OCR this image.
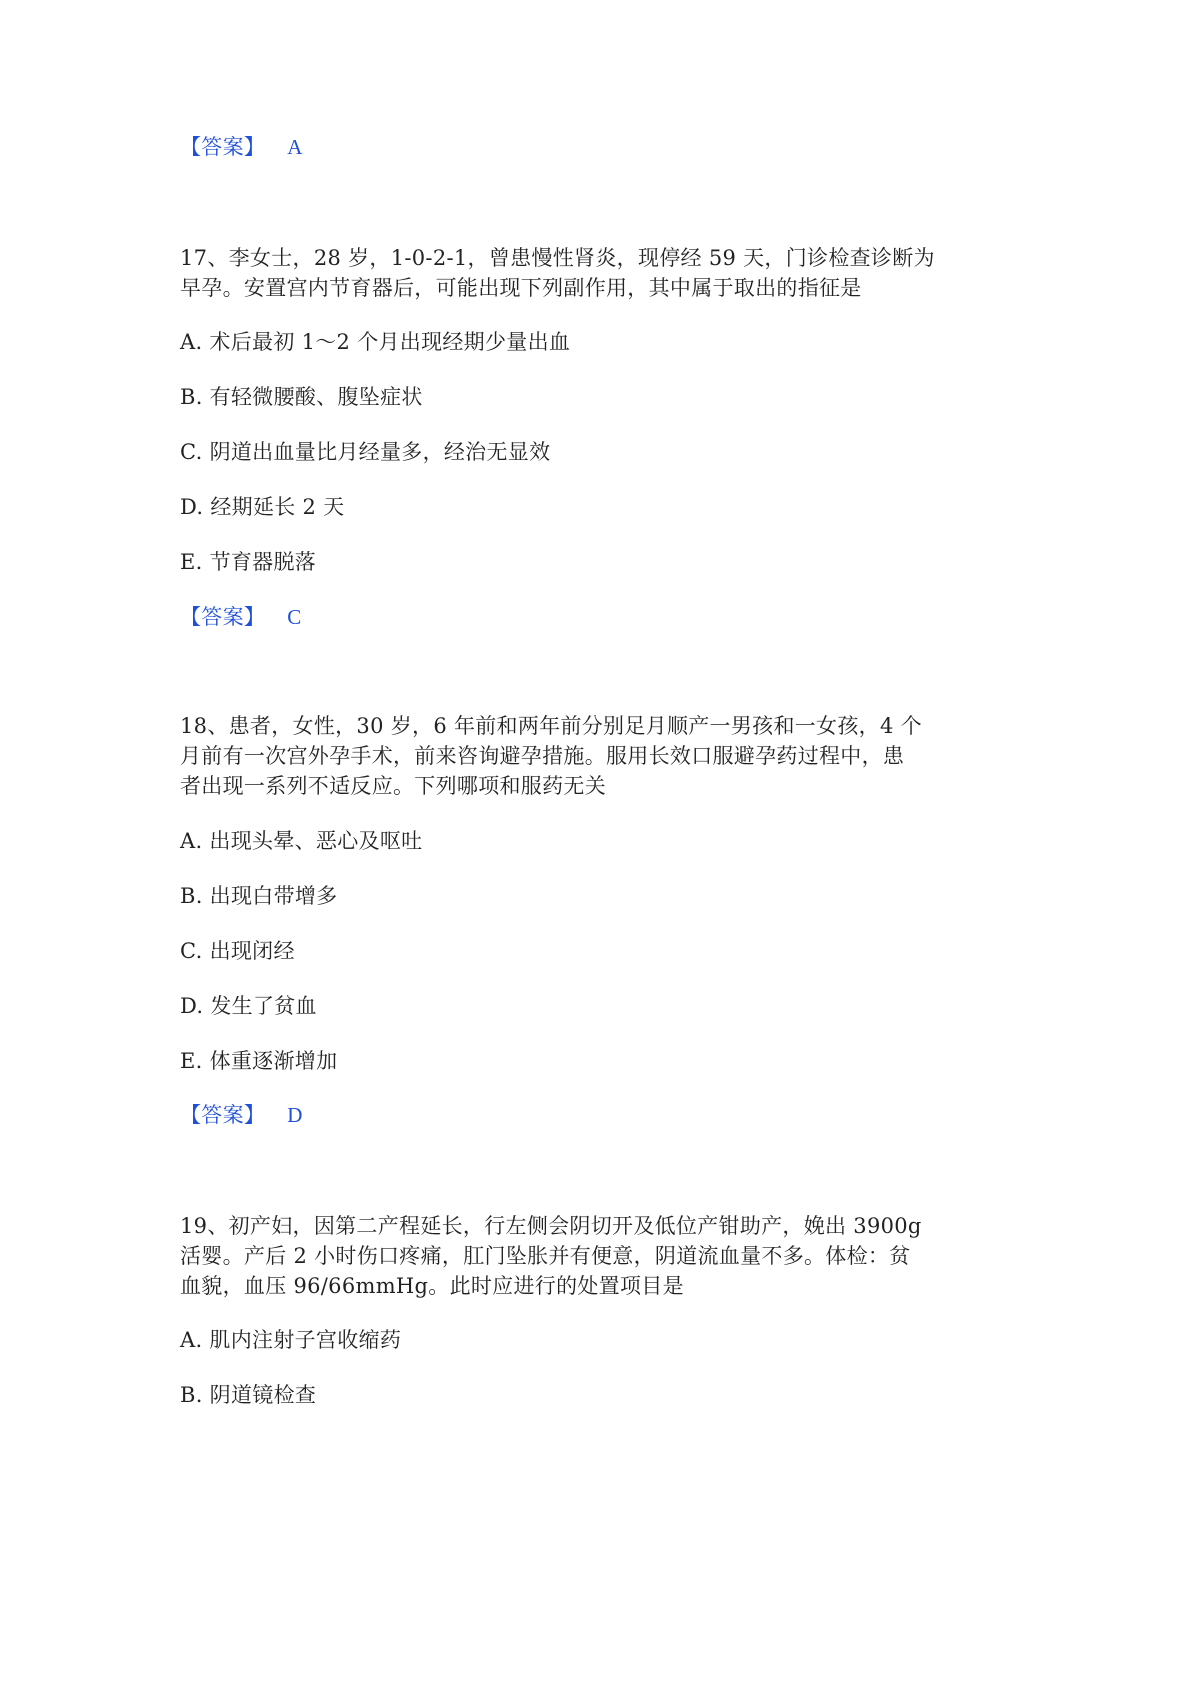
【答案】 A
17、李女士，28 岁，1-0-2-1，曾患慢性肾炎，现停经 59 天，门诊检查诊断为
早孕。安置宫内节育器后，可能出现下列副作用，其中属于取出的指征是
A. 术后最初 1～2 个月出现经期少量出血
B. 有轻微腰酸、腹坠症状
C. 阴道出血量比月经量多，经治无显效
D. 经期延长 2 天
E. 节育器脱落
【答案】 C
18、患者，女性，30 岁，6 年前和两年前分别足月顺产一男孩和一女孩，4 个
月前有一次宫外孕手术，前来咨询避孕措施。服用长效口服避孕药过程中，患
者出现一系列不适反应。下列哪项和服药无关
A. 出现头晕、恶心及呕吐
B. 出现白带增多
C. 出现闭经
D. 发生了贫血
E. 体重逐渐增加
【答案】 D
19、初产妇，因第二产程延长，行左侧会阴切开及低位产钳助产，娩出 3900g
活婴。产后 2 小时伤口疼痛，肛门坠胀并有便意，阴道流血量不多。体检：贫
血貌，血压 96/66mmHg。此时应进行的处置项目是
A. 肌内注射子宫收缩药
B. 阴道镜检查
